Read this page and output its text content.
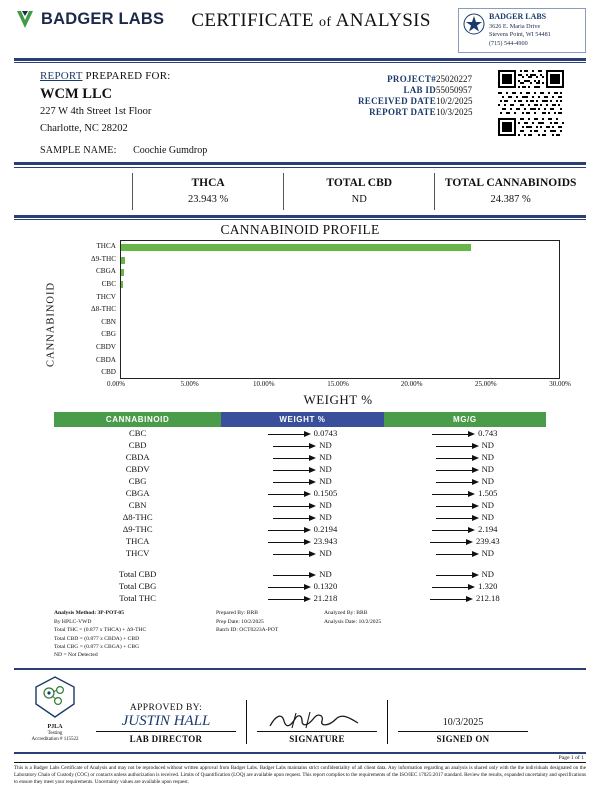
BADGER LABS	CERTIFICATE of ANALYSIS	BADGER LABS
3626 E. Maria Drive
Stevens Point, WI 54481
(715) 544-4900
REPORT PREPARED FOR:
WCM LLC
227 W 4th Street 1st Floor
Charlotte, NC 28202
PROJECT#	25020227
LAB ID	55050957
RECEIVED DATE	10/2/2025
REPORT DATE	10/3/2025
SAMPLE NAME: Coochie Gumdrop
	THCA	TOTAL CBD	TOTAL CANNABINOIDS
	23.943 %	ND	24.387 %
CANNABINOID PROFILE
CANNABINOID
THCA
Δ9-THC
CBGA
CBC
THCV
Δ8-THC
CBN
CBG
CBDV
CBDA
CBD
0.00%	5.00%	10.00%	15.00%	20.00%	25.00%	30.00%
WEIGHT %
CANNABINOID	WEIGHT %	MG/G
CBC	0.0743	0.743
CBD	ND	ND
CBDA	ND	ND
CBDV	ND	ND
CBG	ND	ND
CBGA	0.1505	1.505
CBN	ND	ND
Δ8-THC	ND	ND
Δ9-THC	0.2194	2.194
THCA	23.943	239.43
THCV	ND	ND

Total CBD	ND	ND
Total CBG	0.1320	1.320
Total THC	21.218	212.18
Analysis Method: 3P-POT-05
By HPLC-VWD
Total THC = (0.877 x THCA) + Δ9-THC
Total CBD = (0.877 x CBDA) + CBD
Total CBG = (0.877 x CBGA) + CBG
ND = Not Detected
Prepared By: BRB
Prep Date: 10/2/2025
Batch ID: OCT0223A-POT
Analyzed By: BRB
Analysis Date: 10/2/2025
PJLA
Testing
Accreditation # 115522
APPROVED BY:
JUSTIN HALL
LAB DIRECTOR	SIGNATURE
10/3/2025
SIGNED ON
Page 1 of 1
This is a Badger Labs Certificate of Analysis and may not be reproduced without written approval from Badger Labs. Badger Labs maintains strict confidentiality of all client data. Any information regarding an analysis is shared only with the the individuals designated on the Laboratory Chain of Custody (COC) or contacts unless authorization is received. Limits of Quantification (LOQ) are available upon request. This report complies to the requirements of the ISO/IEC 17025:2017 standard. Review the results, expanded uncertainty and specifications to ensure they meet your requirements. Uncertainty values are available upon request.
